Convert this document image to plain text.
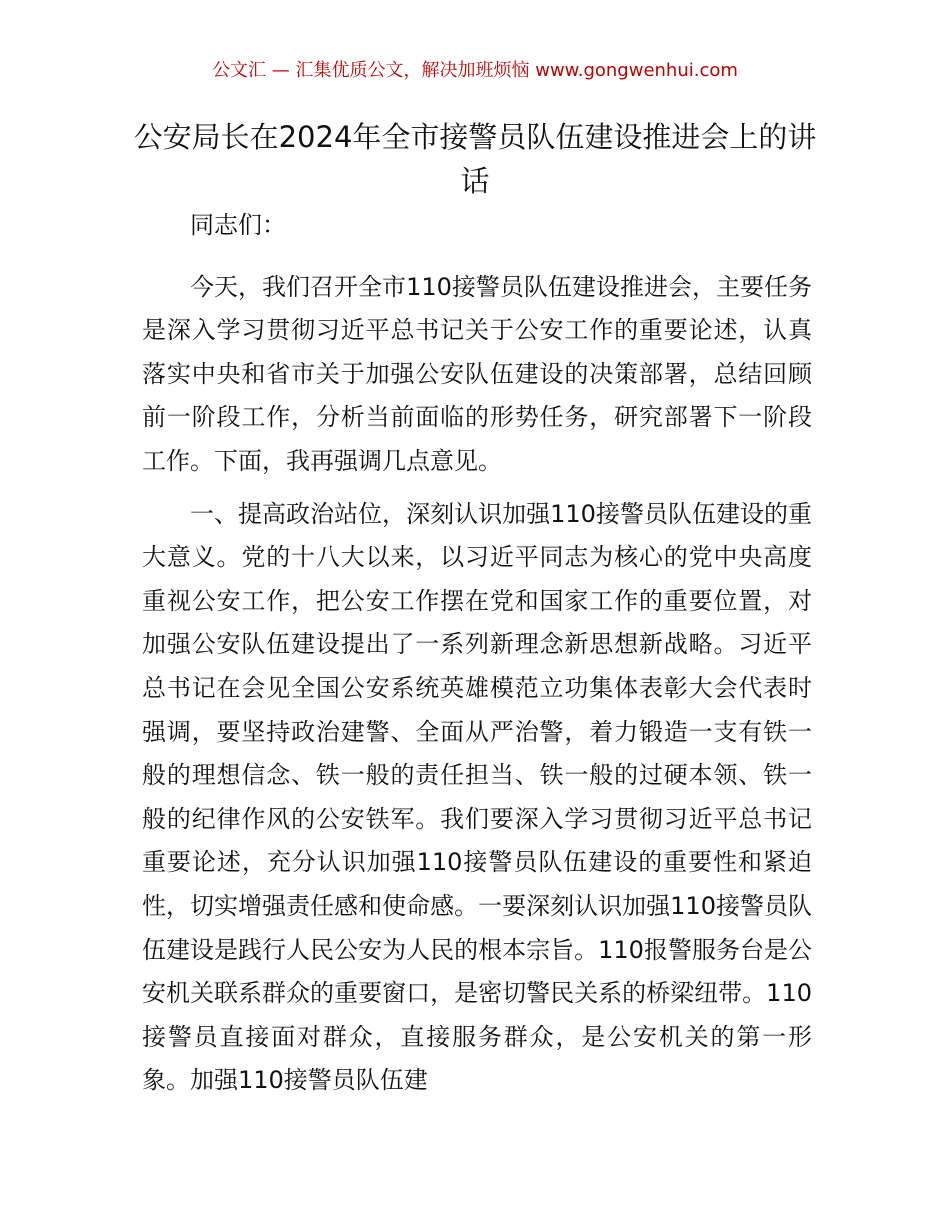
公文汇 — 汇集优质公文，解决加班烦恼 www.gongwenhui.com
公安局长在2024年全市接警员队伍建设推进会上的讲话

同志们：

今天，我们召开全市110接警员队伍建设推进会，主要任务是深入学习贯彻习近平总书记关于公安工作的重要论述，认真落实中央和省市关于加强公安队伍建设的决策部署，总结回顾前一阶段工作，分析当前面临的形势任务，研究部署下一阶段工作。下面，我再强调几点意见。

一、提高政治站位，深刻认识加强110接警员队伍建设的重大意义。党的十八大以来，以习近平同志为核心的党中央高度重视公安工作，把公安工作摆在党和国家工作的重要位置，对加强公安队伍建设提出了一系列新理念新思想新战略。习近平总书记在会见全国公安系统英雄模范立功集体表彰大会代表时强调，要坚持政治建警、全面从严治警，着力锻造一支有铁一般的理想信念、铁一般的责任担当、铁一般的过硬本领、铁一般的纪律作风的公安铁军。我们要深入学习贯彻习近平总书记重要论述，充分认识加强110接警员队伍建设的重要性和紧迫性，切实增强责任感和使命感。一要深刻认识加强110接警员队伍建设是践行人民公安为人民的根本宗旨。110报警服务台是公安机关联系群众的重要窗口，是密切警民关系的桥梁纽带。110接警员直接面对群众，直接服务群众，是公安机关的第一形象。加强110接警员队伍建
